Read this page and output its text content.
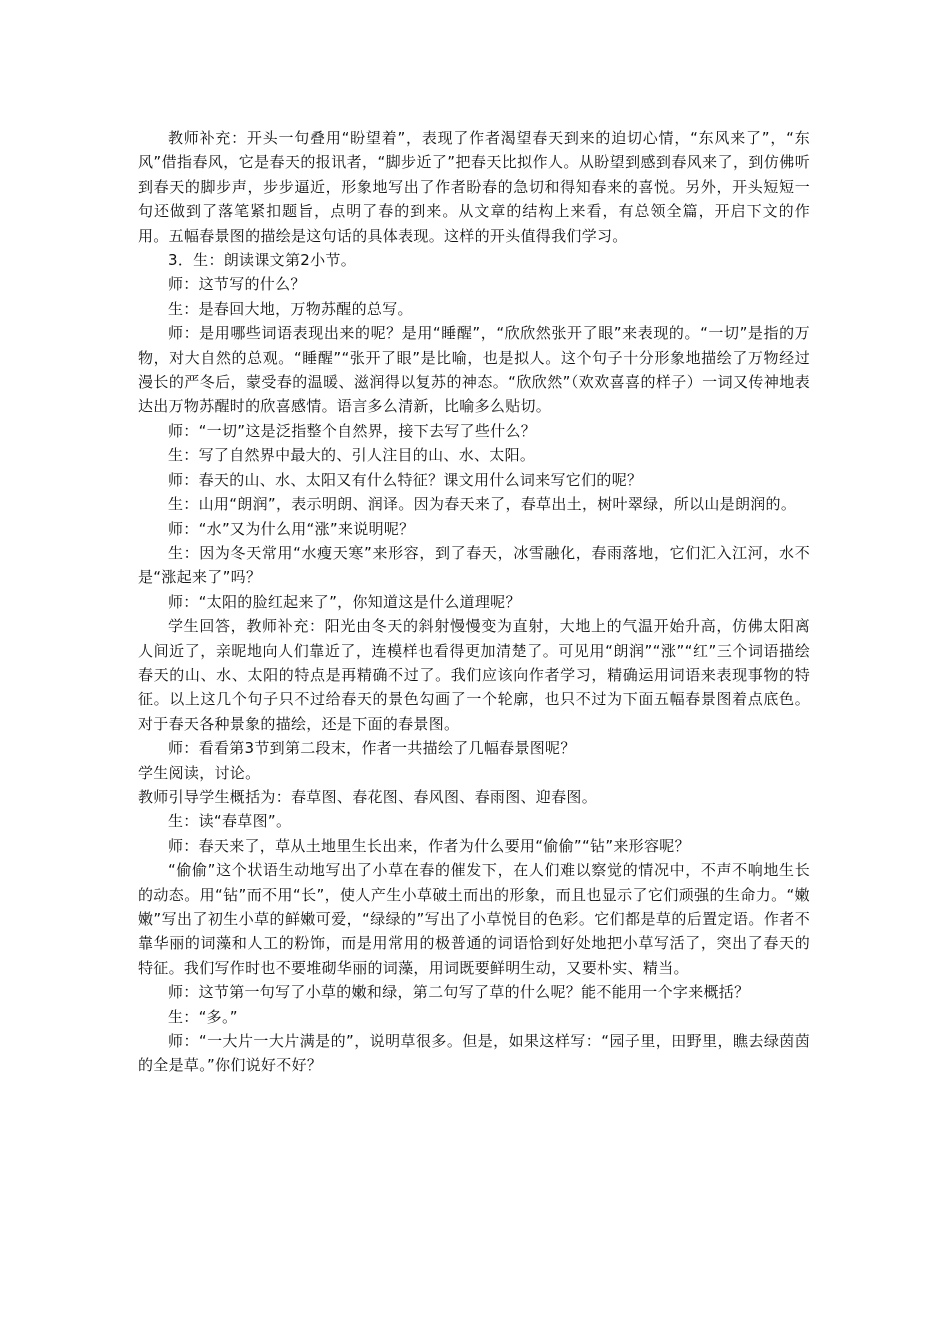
教师补充：开头一句叠用“盼望着”，表现了作者渴望春天到来的迫切心情，“东风来了”，“东风”借指春风，它是春天的报讯者，“脚步近了”把春天比拟作人。从盼望到感到春风来了，到仿佛听到春天的脚步声，步步逼近，形象地写出了作者盼春的急切和得知春来的喜悦。另外，开头短短一句还做到了落笔紧扣题旨，点明了春的到来。从文章的结构上来看，有总领全篇，开启下文的作用。五幅春景图的描绘是这句话的具体表现。这样的开头值得我们学习。

3．生：朗读课文第2小节。

师：这节写的什么？

生：是春回大地，万物苏醒的总写。

师：是用哪些词语表现出来的呢？是用“睡醒”，“欣欣然张开了眼”来表现的。“一切”是指的万物，对大自然的总观。“睡醒”“张开了眼”是比喻，也是拟人。这个句子十分形象地描绘了万物经过漫长的严冬后，蒙受春的温暖、滋润得以复苏的神态。“欣欣然”（欢欢喜喜的样子）一词又传神地表达出万物苏醒时的欣喜感情。语言多么清新，比喻多么贴切。

师：“一切”这是泛指整个自然界，接下去写了些什么？

生：写了自然界中最大的、引人注目的山、水、太阳。

师：春天的山、水、太阳又有什么特征？课文用什么词来写它们的呢？

生：山用“朗润”，表示明朗、润译。因为春天来了，春草出土，树叶翠绿，所以山是朗润的。

师：“水”又为什么用“涨”来说明呢？

生：因为冬天常用“水瘦天寒”来形容，到了春天，冰雪融化，春雨落地，它们汇入江河，水不是“涨起来了”吗？

师：“太阳的脸红起来了”，你知道这是什么道理呢？

学生回答，教师补充：阳光由冬天的斜射慢慢变为直射，大地上的气温开始升高，仿佛太阳离人间近了，亲昵地向人们靠近了，连模样也看得更加清楚了。可见用“朗润”“涨”“红”三个词语描绘春天的山、水、太阳的特点是再精确不过了。我们应该向作者学习，精确运用词语来表现事物的特征。以上这几个句子只不过给春天的景色勾画了一个轮廓，也只不过为下面五幅春景图着点底色。对于春天各种景象的描绘，还是下面的春景图。

师：看看第3节到第二段末，作者一共描绘了几幅春景图呢？

学生阅读，讨论。

教师引导学生概括为：春草图、春花图、春风图、春雨图、迎春图。

生：读“春草图”。

师：春天来了，草从土地里生长出来，作者为什么要用“偷偷”“钻”来形容呢？

“偷偷”这个状语生动地写出了小草在春的催发下，在人们难以察觉的情况中，不声不响地生长的动态。用“钻”而不用“长”，使人产生小草破土而出的形象，而且也显示了它们顽强的生命力。“嫩嫩”写出了初生小草的鲜嫩可爱，“绿绿的”写出了小草悦目的色彩。它们都是草的后置定语。作者不靠华丽的词藻和人工的粉饰，而是用常用的极普通的词语恰到好处地把小草写活了，突出了春天的特征。我们写作时也不要堆砌华丽的词藻，用词既要鲜明生动，又要朴实、精当。

师：这节第一句写了小草的嫩和绿，第二句写了草的什么呢？能不能用一个字来概括？

生：“多。”

师：“一大片一大片满是的”，说明草很多。但是，如果这样写：“园子里，田野里，瞧去绿茵茵的全是草。”你们说好不好？
